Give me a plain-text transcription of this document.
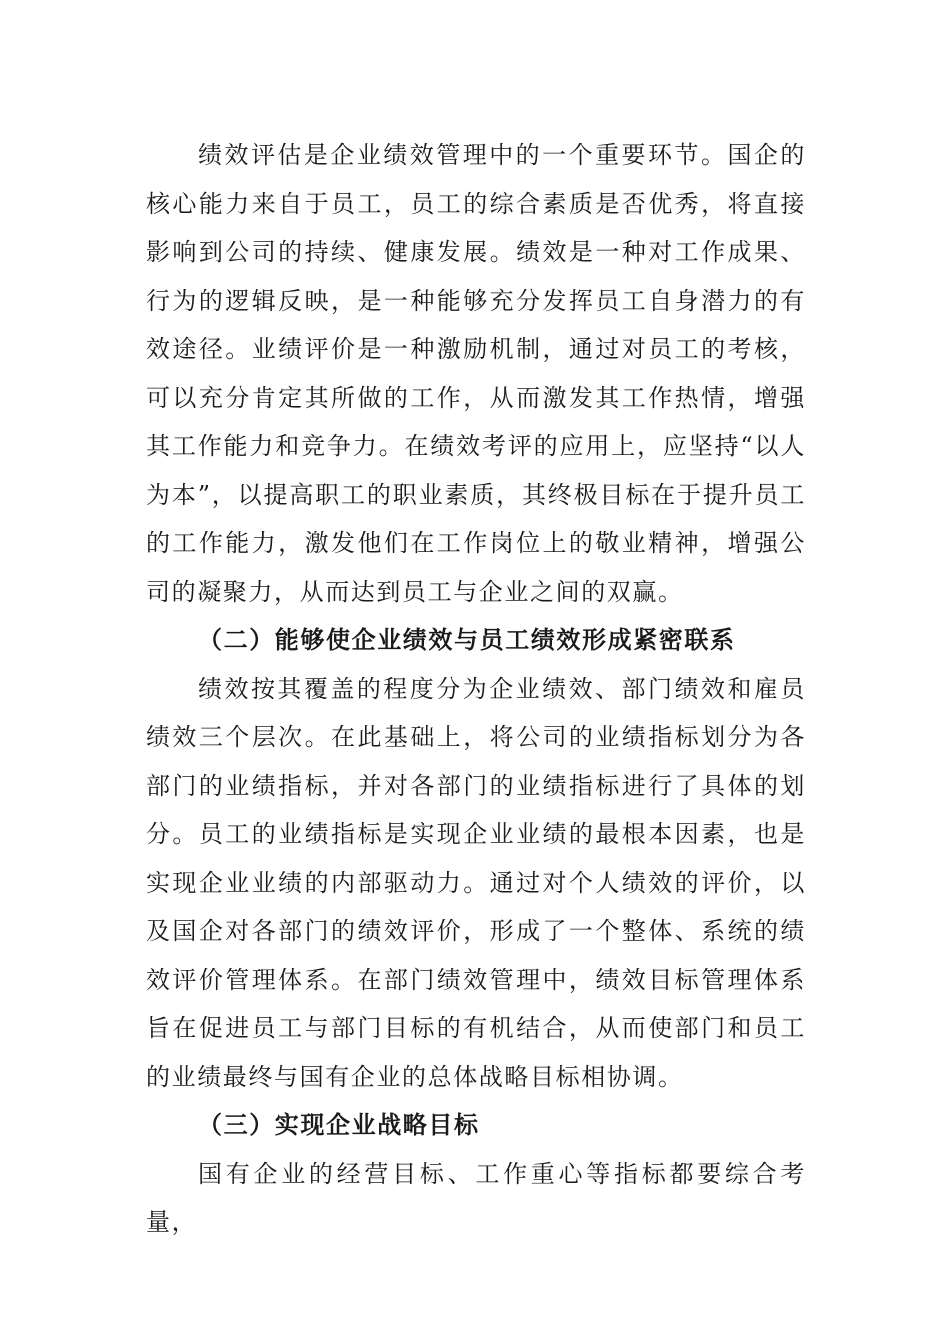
绩效评估是企业绩效管理中的一个重要环节。国企的核心能力来自于员工，员工的综合素质是否优秀，将直接影响到公司的持续、健康发展。绩效是一种对工作成果、行为的逻辑反映，是一种能够充分发挥员工自身潜力的有效途径。业绩评价是一种激励机制，通过对员工的考核，可以充分肯定其所做的工作，从而激发其工作热情，增强其工作能力和竞争力。在绩效考评的应用上，应坚持“以人为本”，以提高职工的职业素质，其终极目标在于提升员工的工作能力，激发他们在工作岗位上的敬业精神，增强公司的凝聚力，从而达到员工与企业之间的双赢。

（二）能够使企业绩效与员工绩效形成紧密联系

绩效按其覆盖的程度分为企业绩效、部门绩效和雇员绩效三个层次。在此基础上，将公司的业绩指标划分为各部门的业绩指标，并对各部门的业绩指标进行了具体的划分。员工的业绩指标是实现企业业绩的最根本因素，也是实现企业业绩的内部驱动力。通过对个人绩效的评价，以及国企对各部门的绩效评价，形成了一个整体、系统的绩效评价管理体系。在部门绩效管理中，绩效目标管理体系旨在促进员工与部门目标的有机结合，从而使部门和员工的业绩最终与国有企业的总体战略目标相协调。

（三）实现企业战略目标

国有企业的经营目标、工作重心等指标都要综合考量，
